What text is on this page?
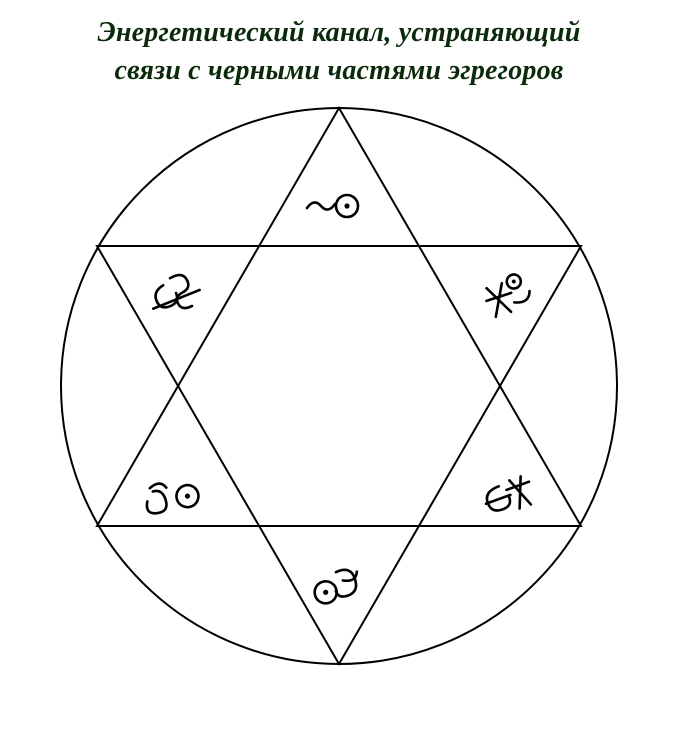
Энергетический канал, устраняющий
связи с черными частями эгрегоров
